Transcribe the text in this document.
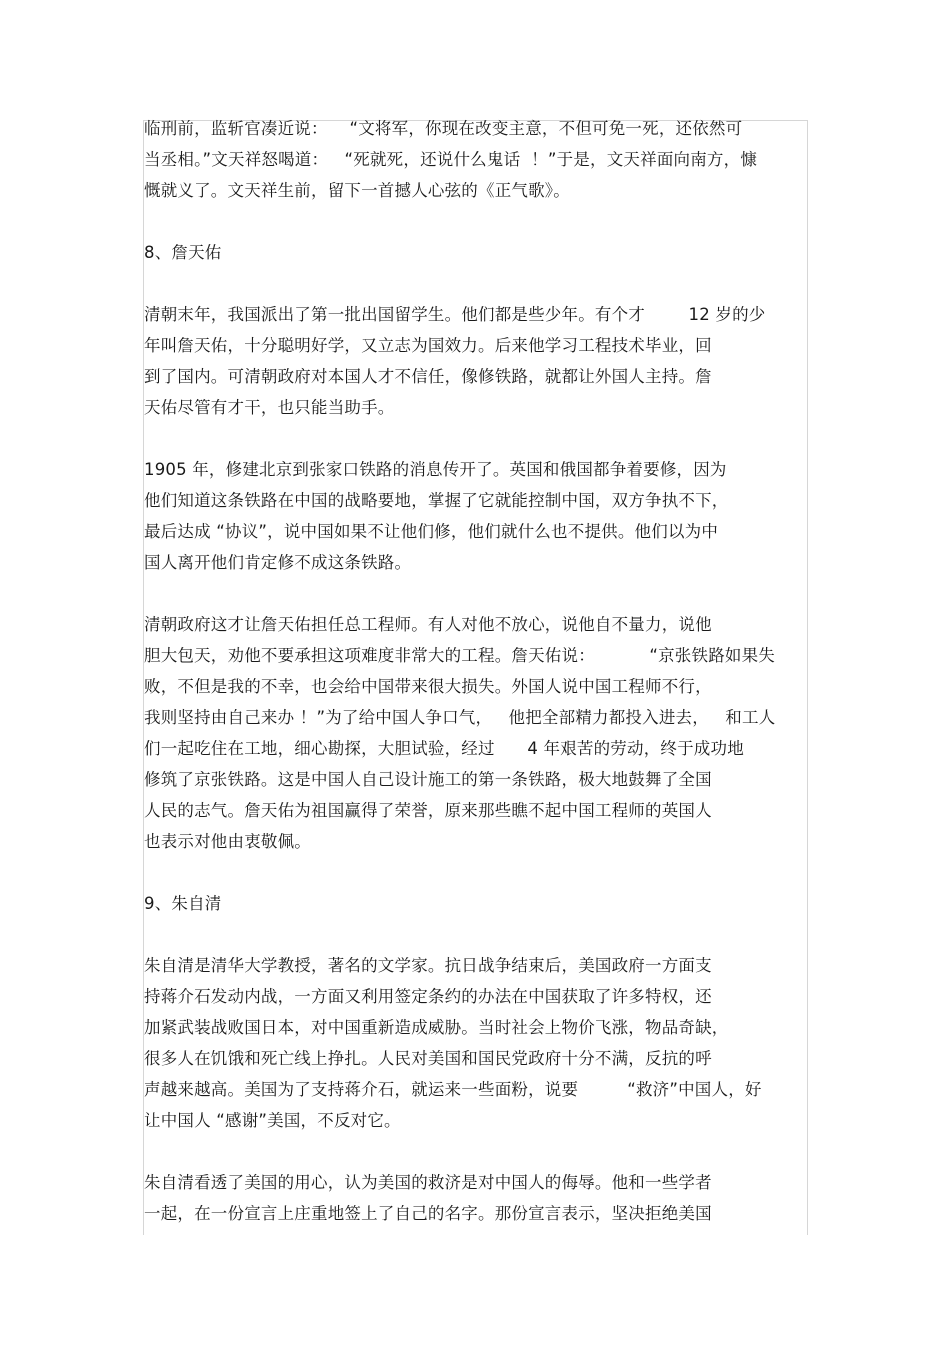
临刑前，监斩官凑近说：    “文将军，你现在改变主意，不但可免一死，还依然可
当丞相。”文天祥怒喝道：   “死就死，还说什么鬼话  ！”于是，文天祥面向南方，慷
慨就义了。文天祥生前，留下一首撼人心弦的《正气歌》。
8、詹天佑
清朝末年，我国派出了第一批出国留学生。他们都是些少年。有个才        12 岁的少
年叫詹天佑，十分聪明好学，又立志为国效力。后来他学习工程技术毕业，回
到了国内。可清朝政府对本国人才不信任，像修铁路，就都让外国人主持。詹
天佑尽管有才干，也只能当助手。
1905 年，修建北京到张家口铁路的消息传开了。英国和俄国都争着要修，因为
他们知道这条铁路在中国的战略要地，掌握了它就能控制中国，双方争执不下，
最后达成 “协议”，说中国如果不让他们修，他们就什么也不提供。他们以为中
国人离开他们肯定修不成这条铁路。
清朝政府这才让詹天佑担任总工程师。有人对他不放心，说他自不量力，说他
胆大包天，劝他不要承担这项难度非常大的工程。詹天佑说：          “京张铁路如果失
败，不但是我的不幸，也会给中国带来很大损失。外国人说中国工程师不行，
我则坚持由自己来办 ！”为了给中国人争口气，   他把全部精力都投入进去，   和工人
们一起吃住在工地，细心勘探，大胆试验，经过      4 年艰苦的劳动，终于成功地
修筑了京张铁路。这是中国人自己设计施工的第一条铁路，极大地鼓舞了全国
人民的志气。詹天佑为祖国赢得了荣誉，原来那些瞧不起中国工程师的英国人
也表示对他由衷敬佩。
9、朱自清
朱自清是清华大学教授，著名的文学家。抗日战争结束后，美国政府一方面支
持蒋介石发动内战，一方面又利用签定条约的办法在中国获取了许多特权，还
加紧武装战败国日本，对中国重新造成威胁。当时社会上物价飞涨，物品奇缺，
很多人在饥饿和死亡线上挣扎。人民对美国和国民党政府十分不满，反抗的呼
声越来越高。美国为了支持蒋介石，就运来一些面粉，说要         “救济”中国人，好
让中国人 “感谢”美国，不反对它。
朱自清看透了美国的用心，认为美国的救济是对中国人的侮辱。他和一些学者
一起，在一份宣言上庄重地签上了自己的名字。那份宣言表示，坚决拒绝美国
